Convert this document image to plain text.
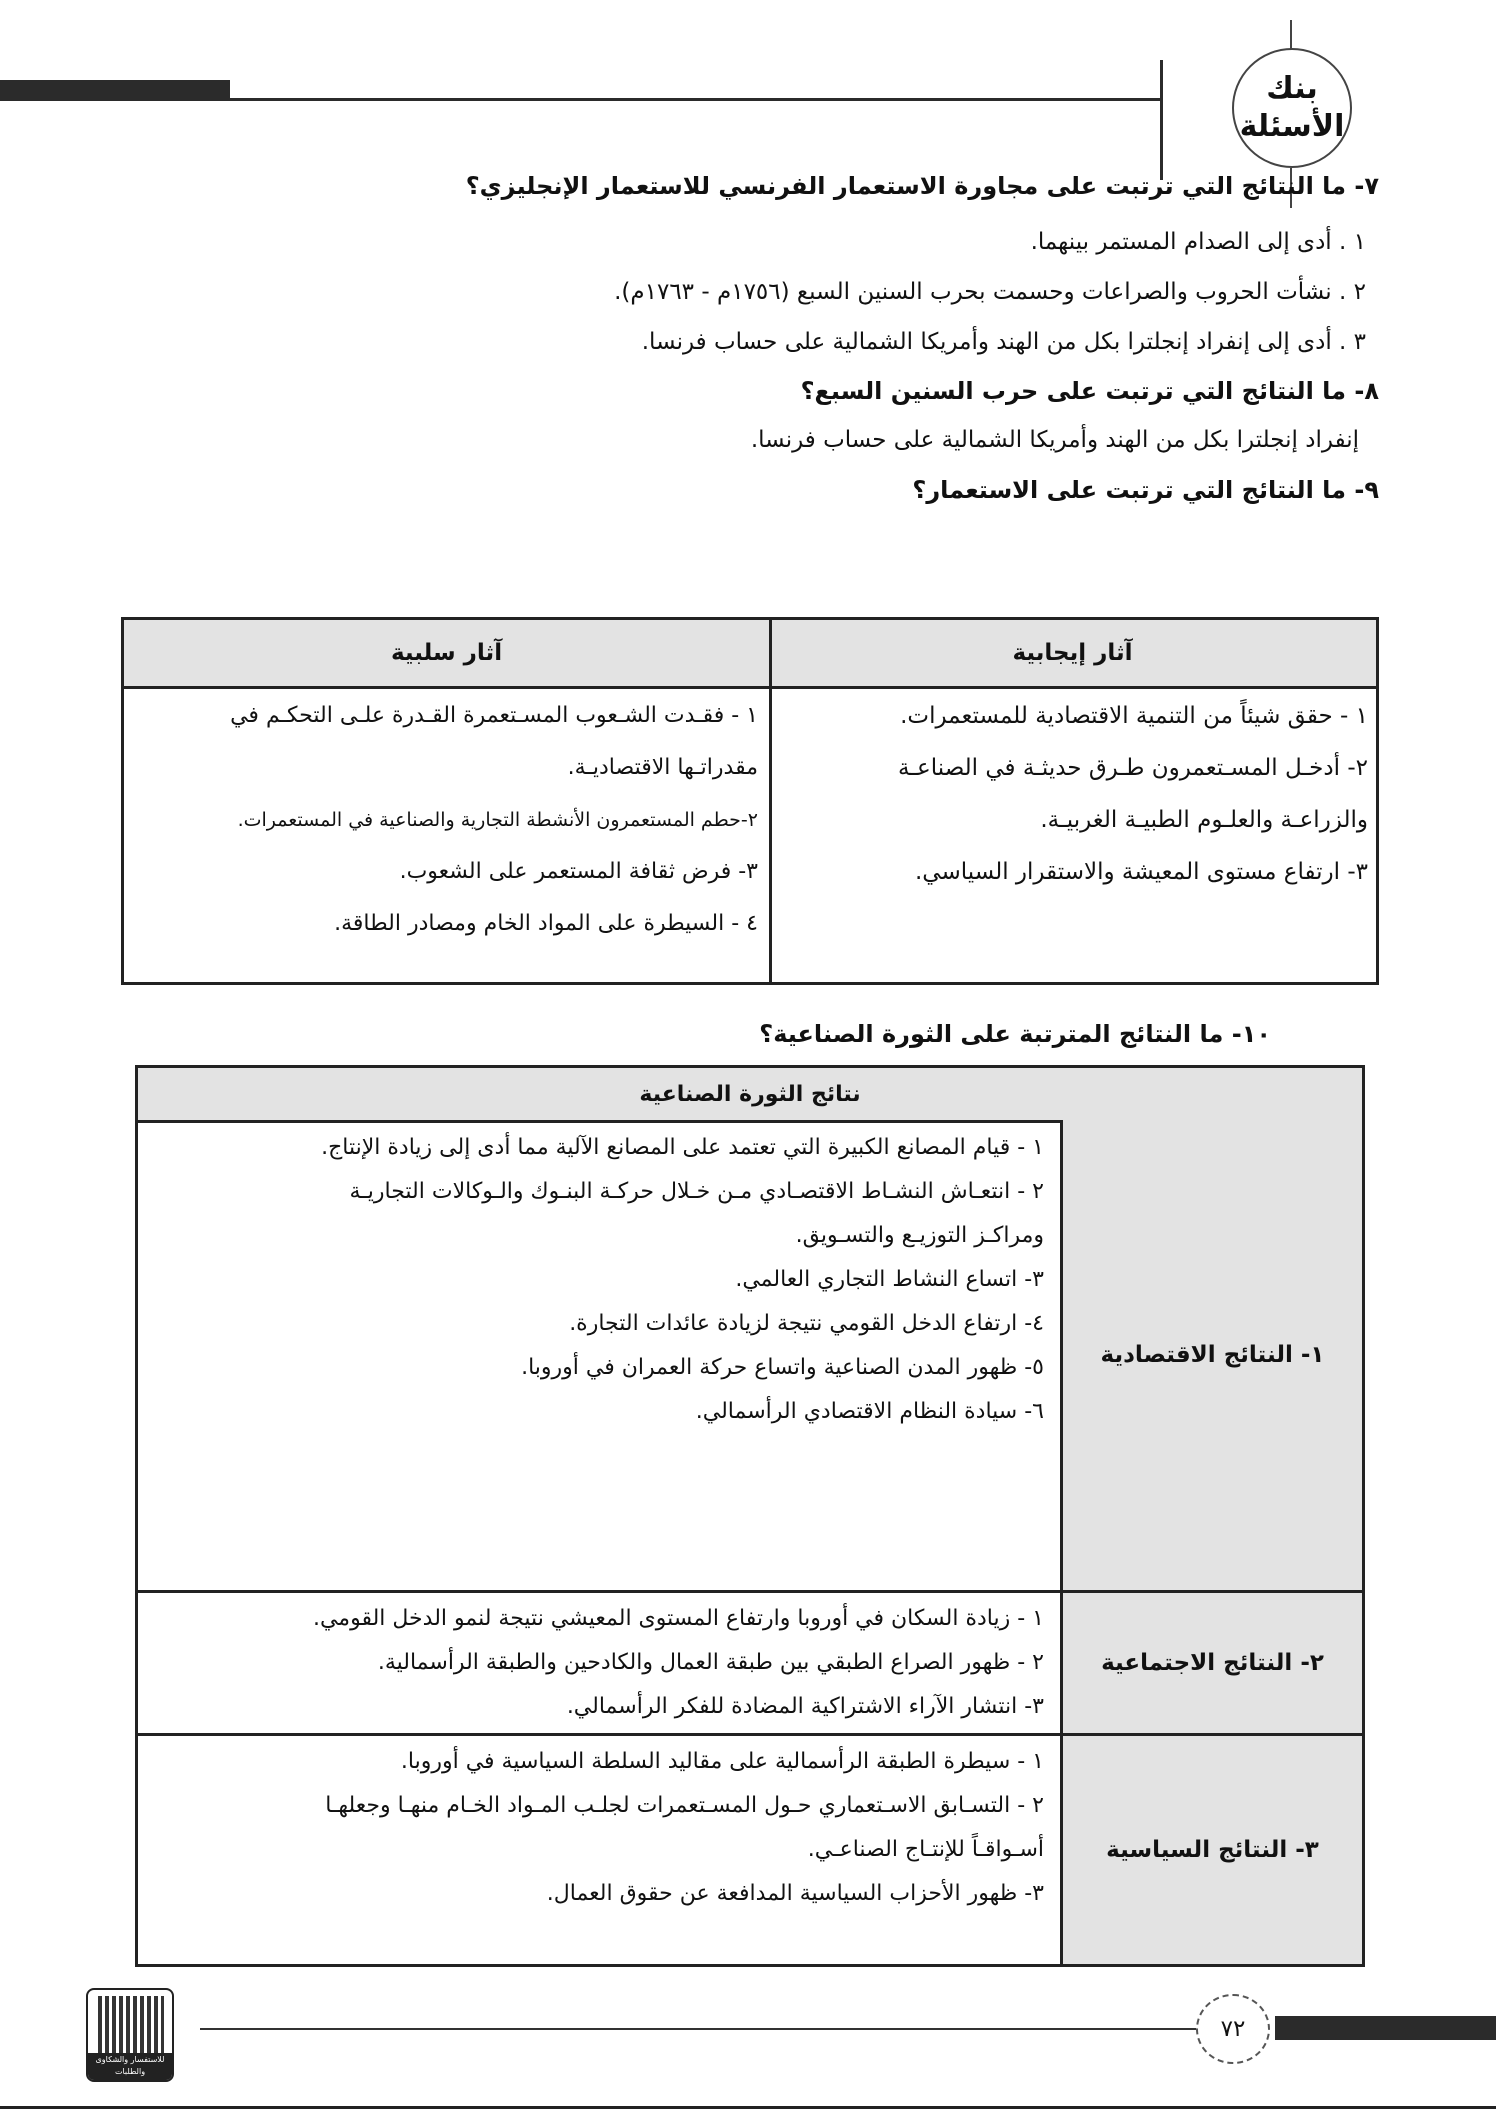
بنك
الأسئلة
٧- ما النتائج التي ترتبت على مجاورة الاستعمار الفرنسي للاستعمار الإنجليزي؟
١ . أدى إلى الصدام المستمر بينهما.
٢ . نشأت الحروب والصراعات وحسمت بحرب السنين السبع (١٧٥٦م - ١٧٦٣م).
٣ . أدى إلى إنفراد إنجلترا بكل من الهند وأمريكا الشمالية على حساب فرنسا.
٨- ما النتائج التي ترتبت على حرب السنين السبع؟
إنفراد إنجلترا بكل من الهند وأمريكا الشمالية على حساب فرنسا.
٩- ما النتائج التي ترتبت على الاستعمار؟
آثار إيجابية
آثار سلبية
١ - حقق شيئاً من التنمية الاقتصادية للمستعمرات.
٢- أدخـل المسـتعمرون طـرق حديثـة في الصناعـة
والزراعـة والعلـوم الطبيـة الغربيـة.
٣- ارتفاع مستوى المعيشة والاستقرار السياسي.
١ - فقـدت الشـعوب المسـتعمرة القـدرة علـى التحكـم في
مقدراتـها الاقتصاديـة.
٢-حطم المستعمرون الأنشطة التجارية والصناعية في المستعمرات.
٣- فرض ثقافة المستعمر على الشعوب.
٤ - السيطرة على المواد الخام ومصادر الطاقة.
١٠- ما النتائج المترتبة على الثورة الصناعية؟
نتائج الثورة الصناعية
١- النتائج الاقتصادية
١ - قيام المصانع الكبيرة التي تعتمد على المصانع الآلية مما أدى إلى زيادة الإنتاج.
٢ - انتعـاش النشـاط الاقتصـادي مـن خـلال حركـة البنـوك والـوكالات التجاريـة
ومراكـز التوزيـع والتسـويق.
٣- اتساع النشاط التجاري العالمي.
٤- ارتفاع الدخل القومي نتيجة لزيادة عائدات التجارة.
٥- ظهور المدن الصناعية واتساع حركة العمران في أوروبا.
٦- سيادة النظام الاقتصادي الرأسمالي.
٢- النتائج الاجتماعية
١ - زيادة السكان في أوروبا وارتفاع المستوى المعيشي نتيجة لنمو الدخل القومي.
٢ - ظهور الصراع الطبقي بين طبقة العمال والكادحين والطبقة الرأسمالية.
٣- انتشار الآراء الاشتراكية المضادة للفكر الرأسمالي.
٣- النتائج السياسية
١ - سيطرة الطبقة الرأسمالية على مقاليد السلطة السياسية في أوروبا.
٢ - التسـابق الاسـتعماري حـول المسـتعمرات لجلـب المـواد الخـام منهـا وجعلهـا
أسـواقـاً للإنتـاج الصناعـي.
٣- ظهور الأحزاب السياسية المدافعة عن حقوق العمال.
٧٢
للاستفسار والشكاوى والطلبات
